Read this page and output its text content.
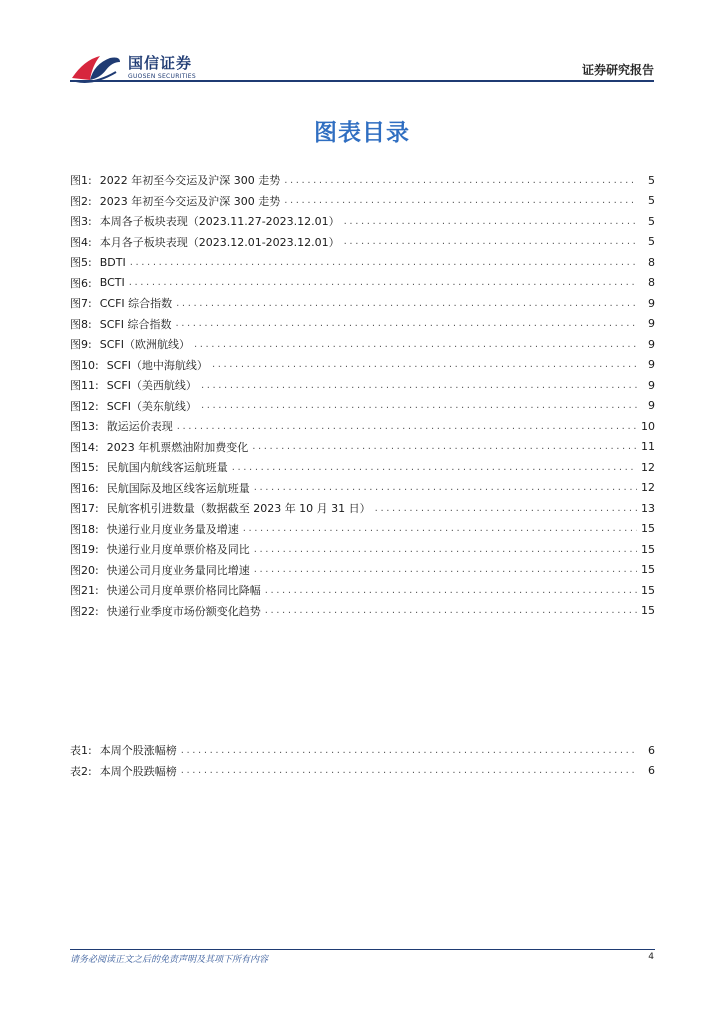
国信证券
GUOSEN SECURITIES	证券研究报告
图表目录
图1: 2022 年初至今交运及沪深 300 走势 .....	5
图2: 2023 年初至今交运及沪深 300 走势 .....	5
图3: 本周各子板块表现（2023.11.27-2023.12.01） .....	5
图4: 本月各子板块表现（2023.12.01-2023.12.01） .....	5
图5: BDTI .....	8
图6: BCTI .....	8
图7: CCFI 综合指数 .....	9
图8: SCFI 综合指数 .....	9
图9: SCFI（欧洲航线） .....	9
图10: SCFI（地中海航线） .....	9
图11: SCFI（美西航线） .....	9
图12: SCFI（美东航线） .....	9
图13: 散运运价表现 .....	10
图14: 2023 年机票燃油附加费变化 .....	11
图15: 民航国内航线客运航班量 .....	12
图16: 民航国际及地区线客运航班量 .....	12
图17: 民航客机引进数量（数据截至 2023 年 10 月 31 日） .....	13
图18: 快递行业月度业务量及增速 .....	15
图19: 快递行业月度单票价格及同比 .....	15
图20: 快递公司月度业务量同比增速 .....	15
图21: 快递公司月度单票价格同比降幅 .....	15
图22: 快递行业季度市场份额变化趋势 .....	15
表1: 本周个股涨幅榜 .....	6
表2: 本周个股跌幅榜 .....	6
请务必阅读正文之后的免责声明及其项下所有内容	4
